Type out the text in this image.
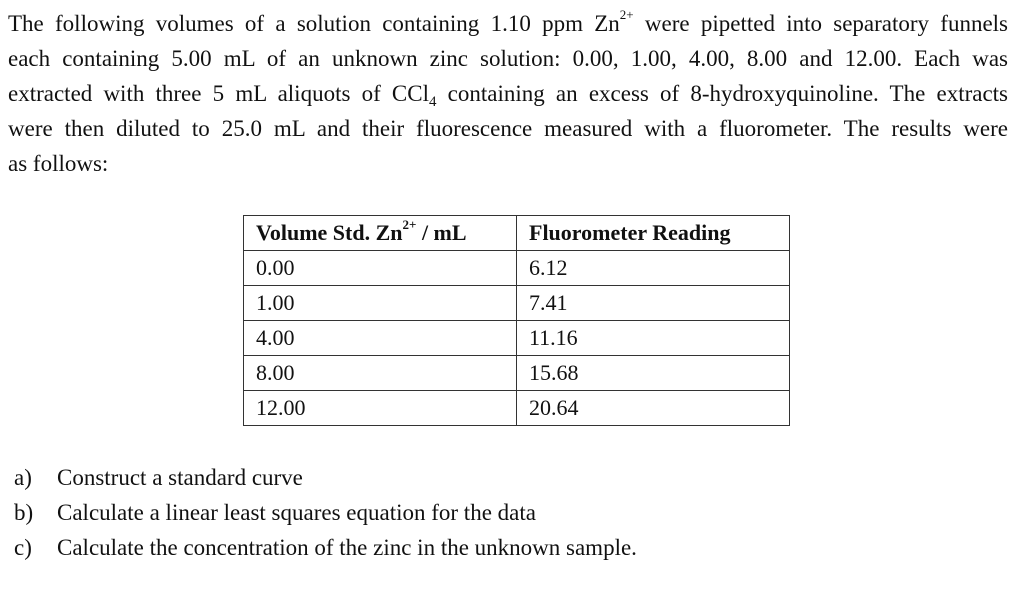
The following volumes of a solution containing 1.10 ppm $Zn^{2+}$ were pipetted into separatory funnels
each containing 5.00 mL of an unknown zinc solution: 0.00, 1.00, 4.00, 8.00 and 12.00. Each was
extracted with three 5 mL aliquots of CCl$_4$ containing an excess of 8-hydroxyquinoline. The extracts
were then diluted to 25.0 mL and their fluorescence measured with a fluorometer. The results were
as follows:
Volume Std. $Zn^{2+}$ / mL	Fluorometer Reading
0.00	6.12
1.00	7.41
4.00	11.16
8.00	15.68
12.00	20.64
a)	Construct a standard curve
b)	Calculate a linear least squares equation for the data
c)	Calculate the concentration of the zinc in the unknown sample.
